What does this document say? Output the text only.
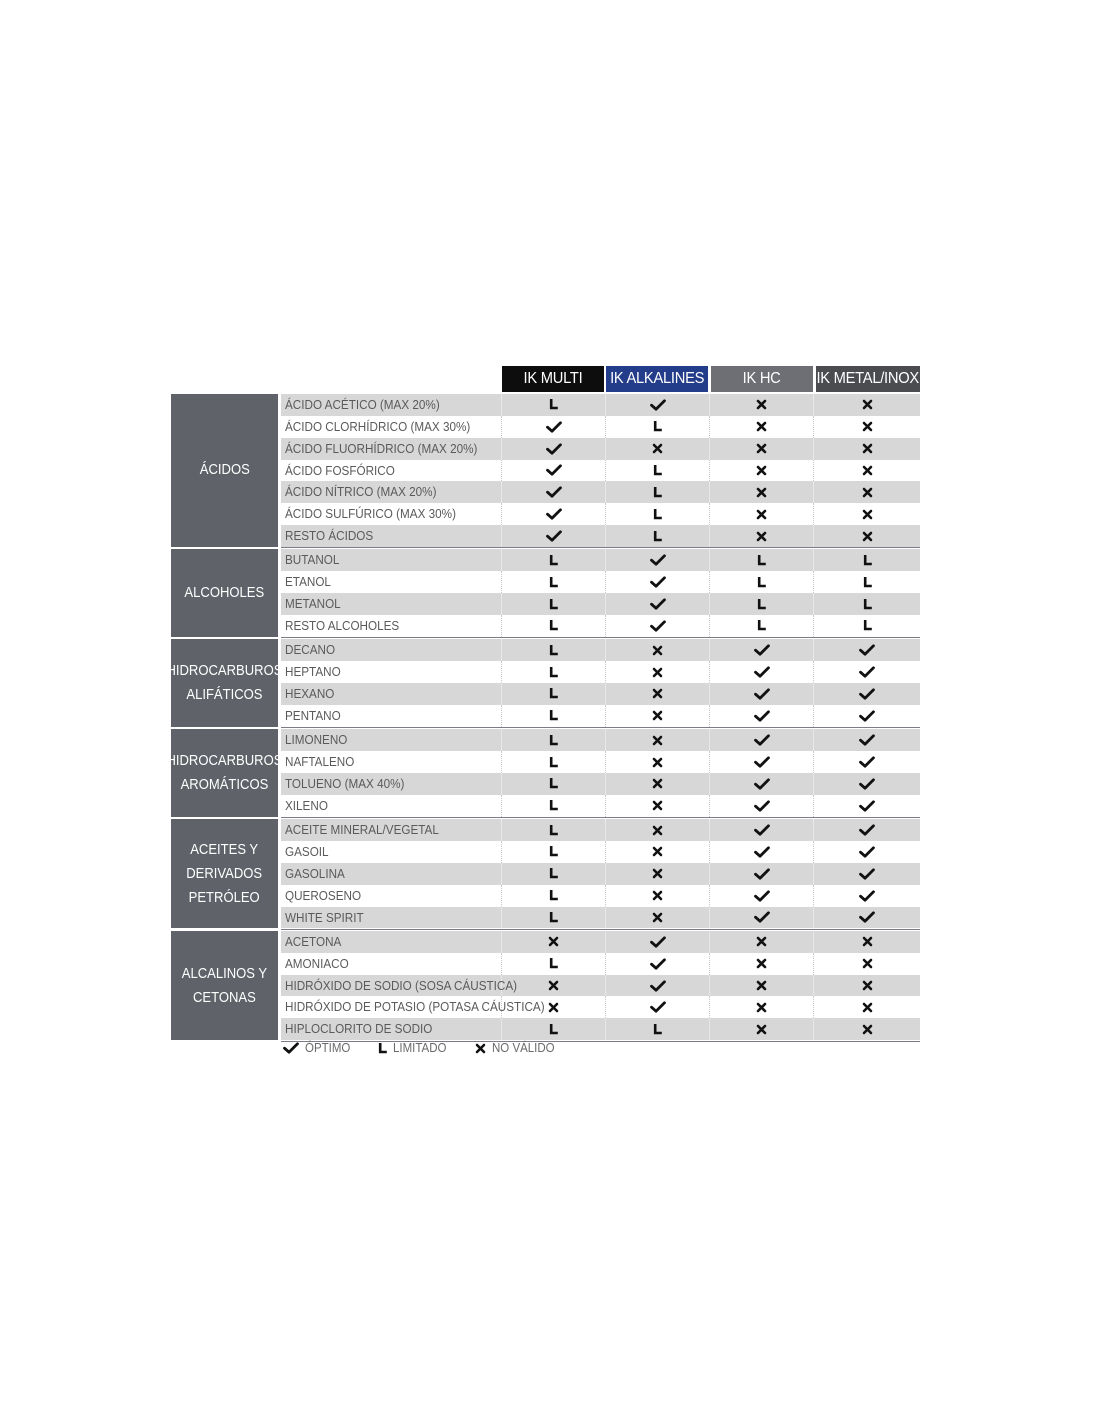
IK MULTI IK ALKALINES IK HC IK METAL/INOX
ÁCIDOS
ÁCIDO ACÉTICO (MAX 20%)
ÁCIDO CLORHÍDRICO (MAX 30%)
ÁCIDO FLUORHÍDRICO (MAX 20%)
ÁCIDO FOSFÓRICO
ÁCIDO NÍTRICO (MAX 20%)
ÁCIDO SULFÚRICO (MAX 30%)
RESTO ÁCIDOS
ALCOHOLES
BUTANOL
ETANOL
METANOL
RESTO ALCOHOLES
HIDROCARBUROS
ALIFÁTICOS
DECANO
HEPTANO
HEXANO
PENTANO
HIDROCARBUROS
AROMÁTICOS
LIMONENO
NAFTALENO
TOLUENO (MAX 40%)
XILENO
ACEITES Y
DERIVADOS
PETRÓLEO
ACEITE MINERAL/VEGETAL
GASOIL
GASOLINA
QUEROSENO
WHITE SPIRIT
ALCALINOS Y
CETONAS
ACETONA
AMONIACO
HIDRÓXIDO DE SODIO (SOSA CÁUSTICA)
HIDRÓXIDO DE POTASIO (POTASA CÁUSTICA)
HIPLOCLORITO DE SODIO
ÓPTIMO	LIMITADO	NO VÁLIDO
